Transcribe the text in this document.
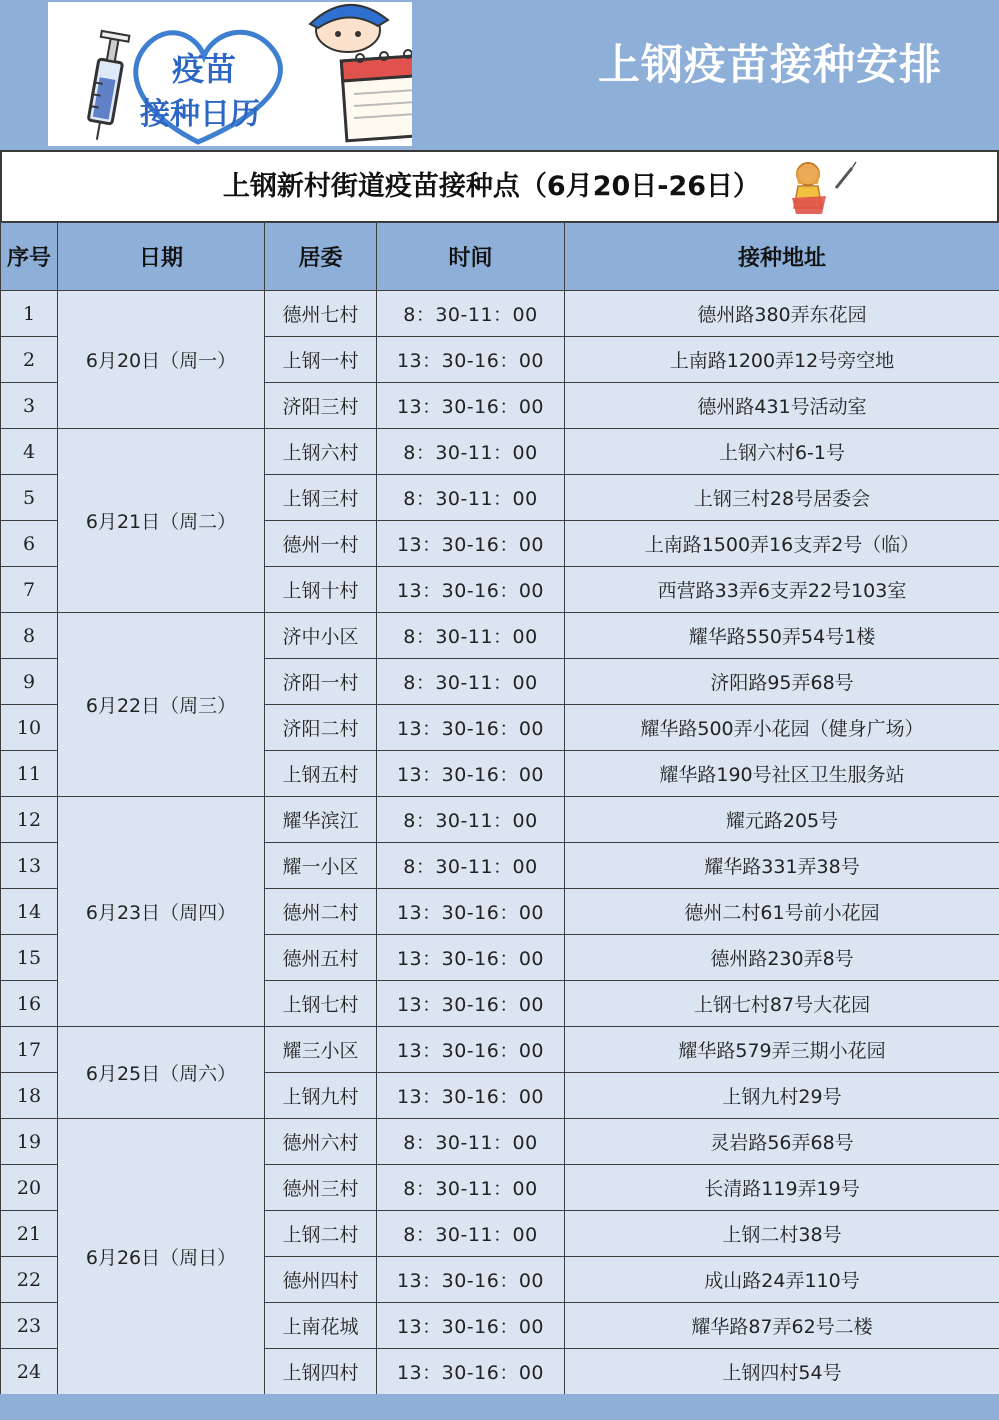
疫苗
接种日历
上钢疫苗接种安排
上钢新村街道疫苗接种点（6月20日-26日）
序号	日期	居委	时间	接种地址
1	6月20日（周一）	德州七村	8：30-11：00	德州路380弄东花园
2		上钢一村	13：30-16：00	上南路1200弄12号旁空地
3		济阳三村	13：30-16：00	德州路431号活动室
4	6月21日（周二）	上钢六村	8：30-11：00	上钢六村6-1号
5		上钢三村	8：30-11：00	上钢三村28号居委会
6		德州一村	13：30-16：00	上南路1500弄16支弄2号（临）
7		上钢十村	13：30-16：00	西营路33弄6支弄22号103室
8	6月22日（周三）	济中小区	8：30-11：00	耀华路550弄54号1楼
9		济阳一村	8：30-11：00	济阳路95弄68号
10		济阳二村	13：30-16：00	耀华路500弄小花园（健身广场）
11		上钢五村	13：30-16：00	耀华路190号社区卫生服务站
12	6月23日（周四）	耀华滨江	8：30-11：00	耀元路205号
13		耀一小区	8：30-11：00	耀华路331弄38号
14		德州二村	13：30-16：00	德州二村61号前小花园
15		德州五村	13：30-16：00	德州路230弄8号
16		上钢七村	13：30-16：00	上钢七村87号大花园
17	6月25日（周六）	耀三小区	13：30-16：00	耀华路579弄三期小花园
18		上钢九村	13：30-16：00	上钢九村29号
19	6月26日（周日）	德州六村	8：30-11：00	灵岩路56弄68号
20		德州三村	8：30-11：00	长清路119弄19号
21		上钢二村	8：30-11：00	上钢二村38号
22		德州四村	13：30-16：00	成山路24弄110号
23		上南花城	13：30-16：00	耀华路87弄62号二楼
24		上钢四村	13：30-16：00	上钢四村54号
